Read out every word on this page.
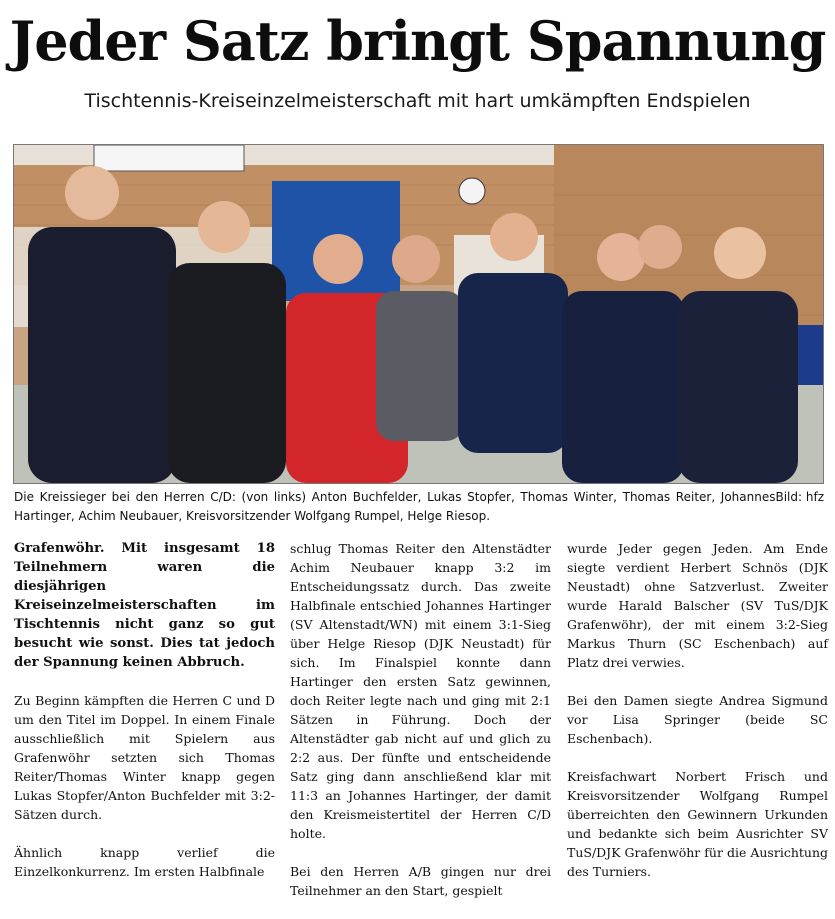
Jeder Satz bringt Spannung
Tischtennis-Kreiseinzelmeisterschaft mit hart umkämpften Endspielen
Bild: hfz
Die Kreissieger bei den Herren C/D: (von links) Anton Buchfelder, Lukas Stopfer, Thomas Winter, Thomas Reiter, Johannes Hartinger, Achim Neubauer, Kreisvorsitzender Wolfgang Rumpel, Helge Riesop.

Grafenwöhr. Mit insgesamt 18 Teilnehmern waren die diesjährigen Kreiseinzelmeisterschaften im Tischtennis nicht ganz so gut besucht wie sonst. Dies tat jedoch der Spannung keinen Abbruch.

Zu Beginn kämpften die Herren C und D um den Titel im Doppel. In einem Finale ausschließlich mit Spielern aus Grafenwöhr setzten sich Thomas Reiter/Thomas Winter knapp gegen Lukas Stopfer/Anton Buchfelder mit 3:2-Sätzen durch.

Ähnlich knapp verlief die Einzelkonkurrenz. Im ersten Halbfinale

schlug Thomas Reiter den Altenstädter Achim Neubauer knapp 3:2 im Entscheidungssatz durch. Das zweite Halbfinale entschied Johannes Hartinger (SV Altenstadt/WN) mit einem 3:1-Sieg über Helge Riesop (DJK Neustadt) für sich. Im Finalspiel konnte dann Hartinger den ersten Satz gewinnen, doch Reiter legte nach und ging mit 2:1 Sätzen in Führung. Doch der Altenstädter gab nicht auf und glich zu 2:2 aus. Der fünfte und entscheidende Satz ging dann anschließend klar mit 11:3 an Johannes Hartinger, der damit den Kreismeistertitel der Herren C/D holte.

Bei den Herren A/B gingen nur drei Teilnehmer an den Start, gespielt

wurde Jeder gegen Jeden. Am Ende siegte verdient Herbert Schnös (DJK Neustadt) ohne Satzverlust. Zweiter wurde Harald Balscher (SV TuS/DJK Grafenwöhr), der mit einem 3:2-Sieg Markus Thurn (SC Eschenbach) auf Platz drei verwies.

Bei den Damen siegte Andrea Sigmund vor Lisa Springer (beide SC Eschenbach).

Kreisfachwart Norbert Frisch und Kreisvorsitzender Wolfgang Rumpel überreichten den Gewinnern Urkunden und bedankte sich beim Ausrichter SV TuS/DJK Grafenwöhr für die Ausrichtung des Turniers.
